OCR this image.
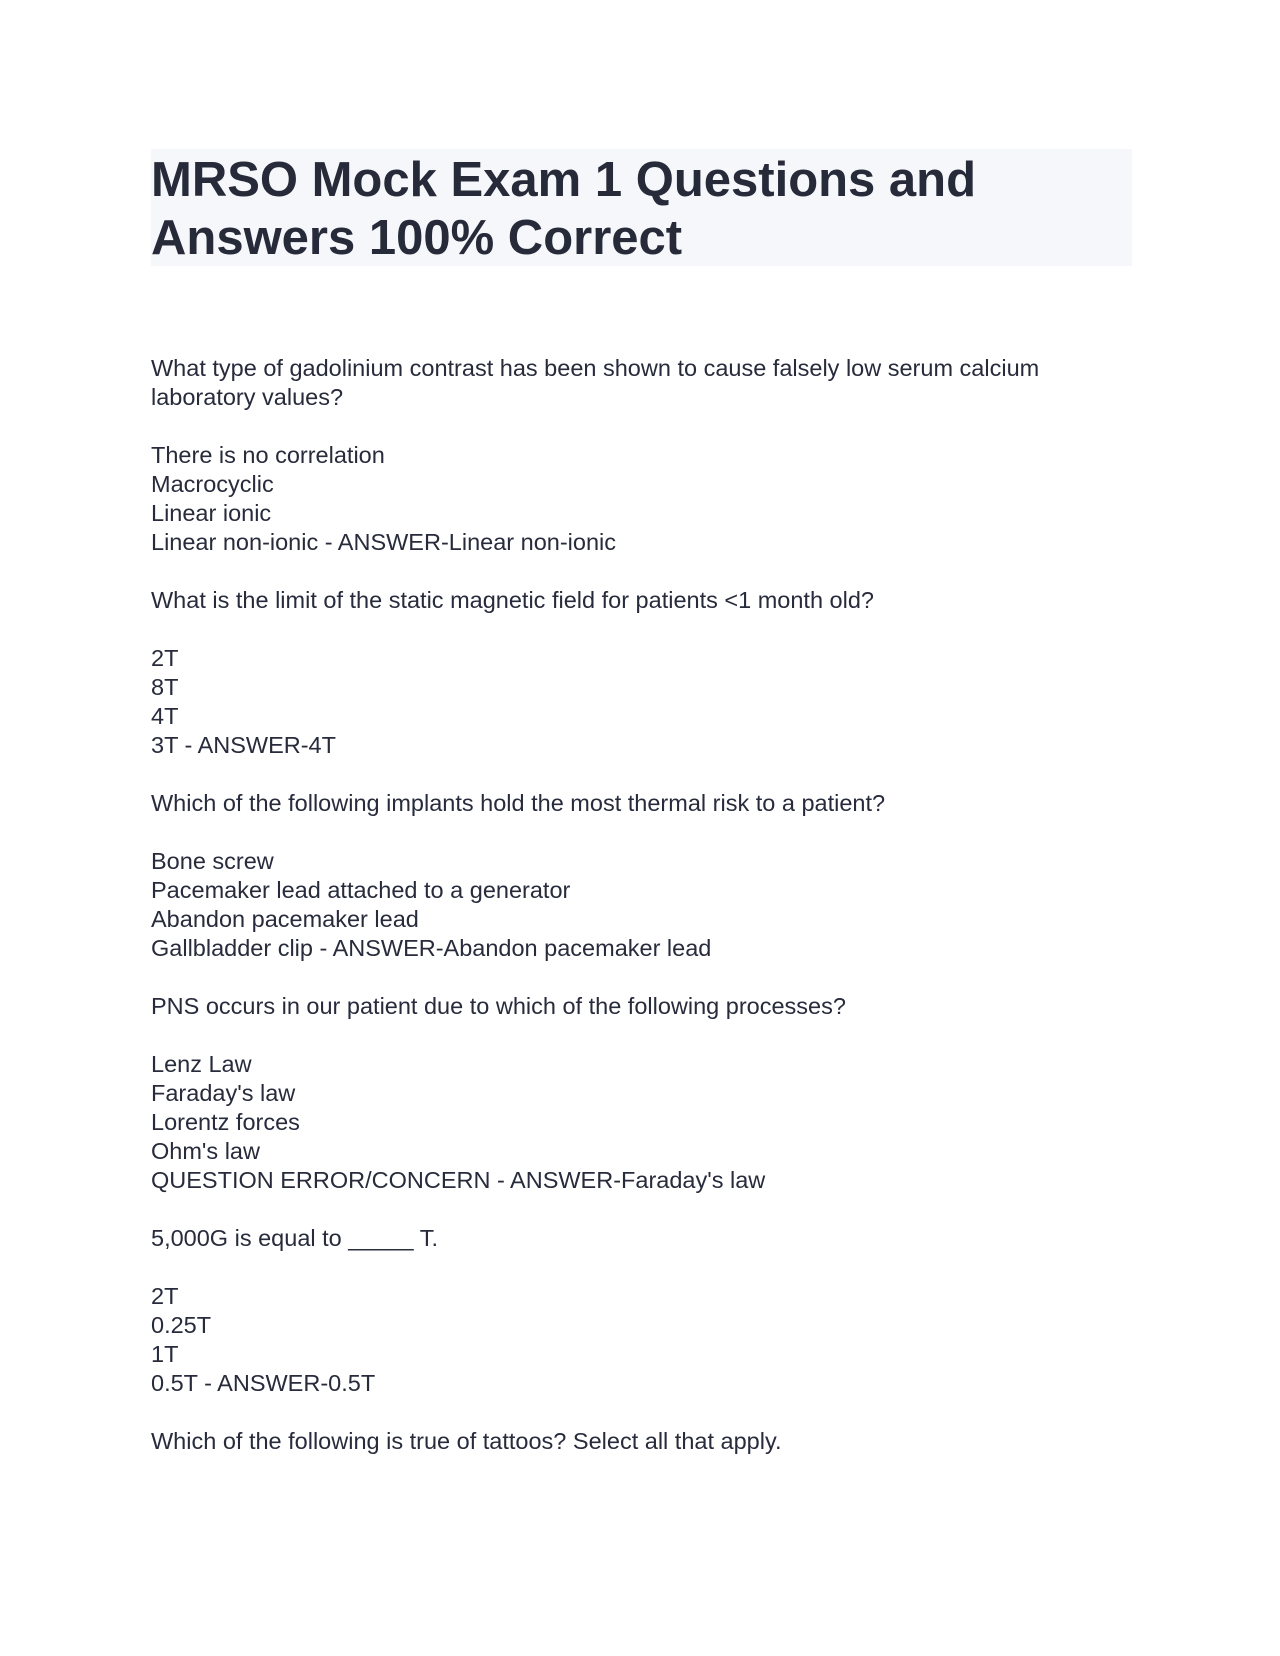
MRSO Mock Exam 1 Questions and Answers 100% Correct

What type of gadolinium contrast has been shown to cause falsely low serum calcium laboratory values?

There is no correlation
Macrocyclic
Linear ionic
Linear non-ionic - ANSWER-Linear non-ionic

What is the limit of the static magnetic field for patients <1 month old?

2T
8T
4T
3T - ANSWER-4T

Which of the following implants hold the most thermal risk to a patient?

Bone screw
Pacemaker lead attached to a generator
Abandon pacemaker lead
Gallbladder clip - ANSWER-Abandon pacemaker lead

PNS occurs in our patient due to which of the following processes?

Lenz Law
Faraday's law
Lorentz forces
Ohm's law
QUESTION ERROR/CONCERN - ANSWER-Faraday's law

5,000G is equal to _____ T.

2T
0.25T
1T
0.5T - ANSWER-0.5T

Which of the following is true of tattoos? Select all that apply.
